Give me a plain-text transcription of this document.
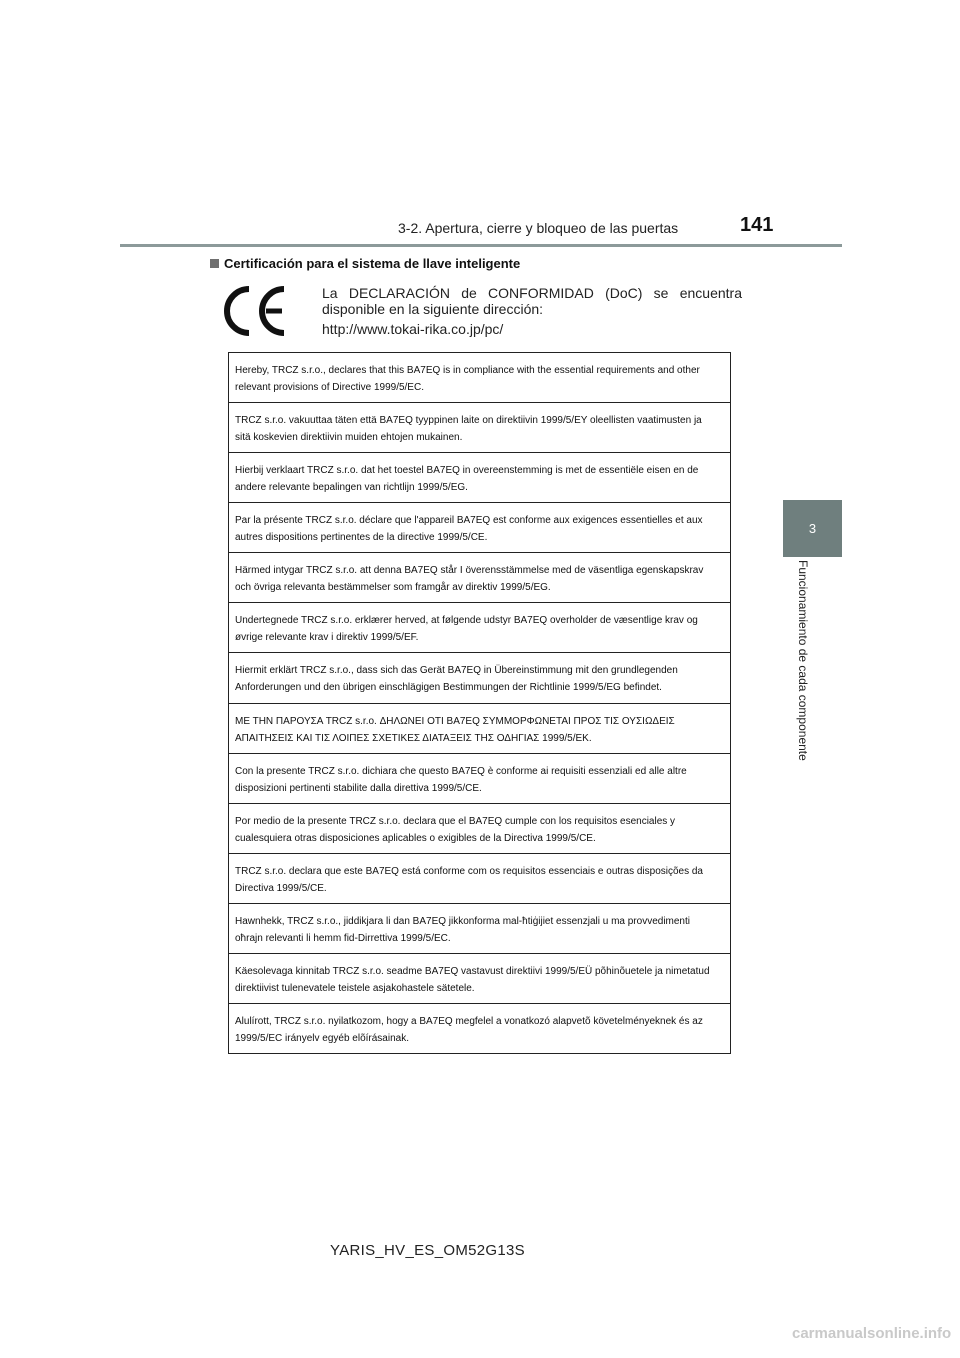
3-2. Apertura, cierre y bloqueo de las puertas	141
3
Funcionamiento de cada componente
Certificación para el sistema de llave inteligente
La DECLARACIÓN de CONFORMIDAD (DoC) se encuentra
disponible en la siguiente dirección:
http://www.tokai-rika.co.jp/pc/
Hereby, TRCZ s.r.o., declares that this BA7EQ is in compliance with the essential requirements and other relevant provisions of Directive 1999/5/EC.
TRCZ s.r.o. vakuuttaa täten että BA7EQ tyyppinen laite on direktiivin 1999/5/EY oleellisten vaatimusten ja sitä koskevien direktiivin muiden ehtojen mukainen.
Hierbij verklaart TRCZ s.r.o. dat het toestel BA7EQ in overeenstemming is met de essentiële eisen en de andere relevante bepalingen van richtlijn 1999/5/EG.
Par la présente TRCZ s.r.o. déclare que l'appareil BA7EQ est conforme aux exigences essentielles et aux autres dispositions pertinentes de la directive 1999/5/CE.
Härmed intygar TRCZ s.r.o. att denna BA7EQ står I överensstämmelse med de väsentliga egenskapskrav och övriga relevanta bestämmelser som framgår av direktiv 1999/5/EG.
Undertegnede TRCZ s.r.o. erklærer herved, at følgende udstyr BA7EQ overholder de væsentlige krav og øvrige relevante krav i direktiv 1999/5/EF.
Hiermit erklärt TRCZ s.r.o., dass sich das Gerät BA7EQ in Übereinstimmung mit den grundlegenden Anforderungen und den übrigen einschlägigen Bestimmungen der Richtlinie 1999/5/EG befindet.
ΜΕ ΤΗΝ ΠΑΡΟΥΣΑ TRCZ s.r.o. ΔΗΛΩΝΕΙ ΟΤΙ BA7EQ ΣΥΜΜΟΡΦΩΝΕΤΑΙ ΠΡΟΣ ΤΙΣ ΟΥΣΙΩΔΕΙΣ ΑΠΑΙΤΗΣΕΙΣ ΚΑΙ ΤΙΣ ΛΟΙΠΕΣ ΣΧΕΤΙΚΕΣ ΔΙΑΤΑΞΕΙΣ ΤΗΣ ΟΔΗΓΙΑΣ 1999/5/ΕΚ.
Con la presente TRCZ s.r.o. dichiara che questo BA7EQ è conforme ai requisiti essenziali ed alle altre disposizioni pertinenti stabilite dalla direttiva 1999/5/CE.
Por medio de la presente TRCZ s.r.o. declara que el BA7EQ cumple con los requisitos esenciales y cualesquiera otras disposiciones aplicables o exigibles de la Directiva 1999/5/CE.
TRCZ s.r.o. declara que este BA7EQ está conforme com os requisitos essenciais e outras disposições da Directiva 1999/5/CE.
Hawnhekk, TRCZ s.r.o., jiddikjara li dan BA7EQ jikkonforma mal-ħtiġijiet essenzjali u ma provvedimenti oħrajn relevanti li hemm fid-Dirrettiva 1999/5/EC.
Käesolevaga kinnitab TRCZ s.r.o. seadme BA7EQ vastavust direktiivi 1999/5/EÜ põhinõuetele ja nimetatud direktiivist tulenevatele teistele asjakohastele sätetele.
Alulírott, TRCZ s.r.o. nyilatkozom, hogy a BA7EQ megfelel a vonatkozó alapvetõ követelményeknek és az 1999/5/EC irányelv egyéb elõírásainak.
YARIS_HV_ES_OM52G13S
carmanualsonline.info
